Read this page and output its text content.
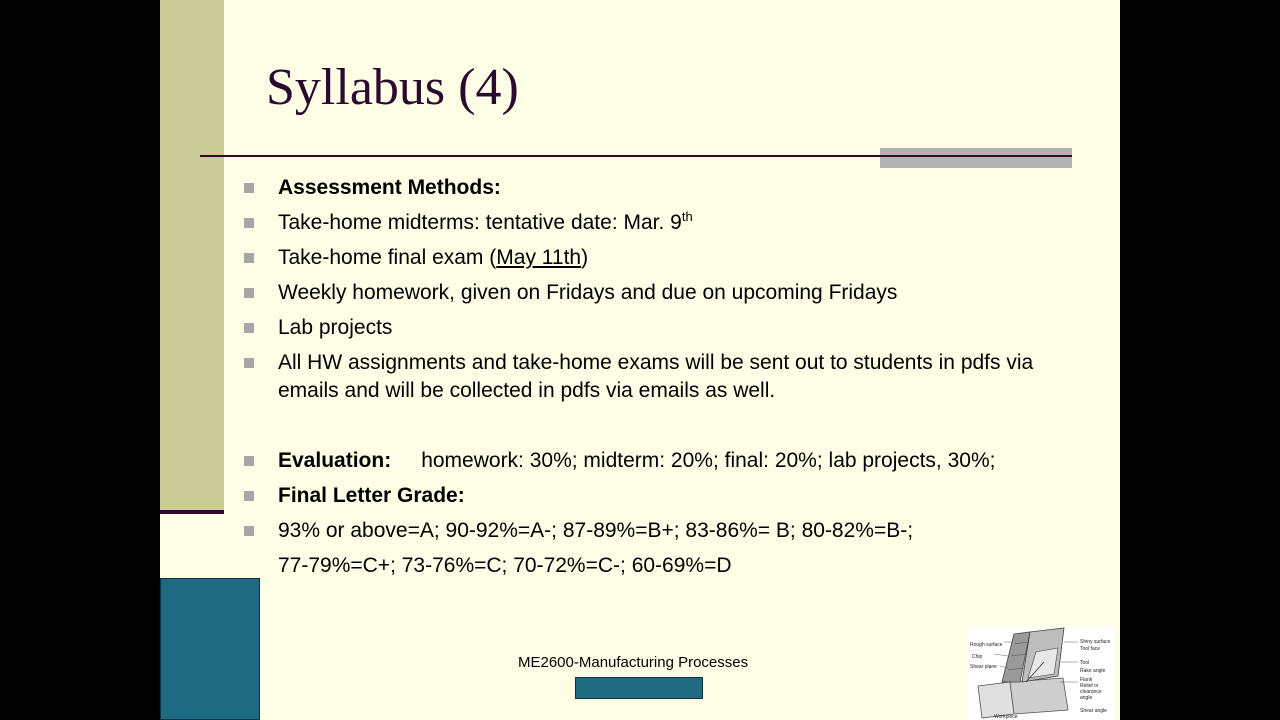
Syllabus (4)
Assessment Methods:
Take-home midterms: tentative date: Mar. 9th
Take-home final exam (May 11th)
Weekly homework, given on Fridays and due on upcoming Fridays
Lab projects
All HW assignments and take-home exams will be sent out to students in pdfs via emails and will be collected in pdfs via emails as well.
Evaluation: homework: 30%; midterm: 20%; final: 20%; lab projects, 30%;
Final Letter Grade:
93% or above=A; 90-92%=A-; 87-89%=B+; 83-86%= B; 80-82%=B-;
77-79%=C+; 73-76%=C; 70-72%=C-; 60-69%=D
ME2600-Manufacturing Processes
Rough surface
Chip
Shear plane
Workpiece
Shiny surface
Tool face
Tool
Rake angle
Flank
Relief or
clearance
angle
Shear angle
